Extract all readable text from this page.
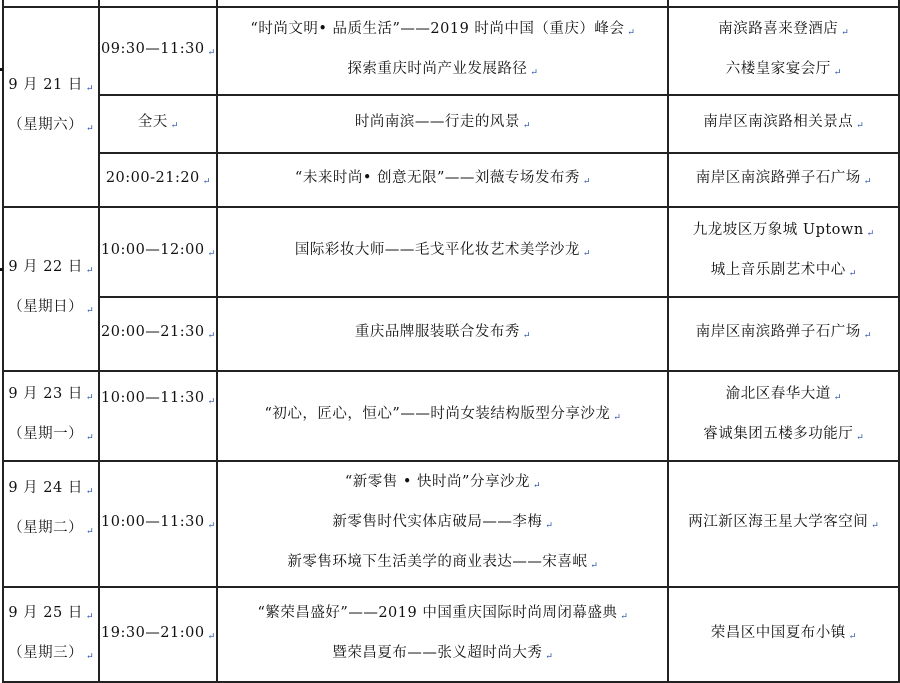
9 月 21 日 ↵
（星期六） ↵	09:30—11:30 ↵	“时尚文明• 品质生活”——2019 时尚中国（重庆）峰会 ↵
探索重庆时尚产业发展路径 ↵	南滨路喜来登酒店 ↵
六楼皇家宴会厅 ↵

	全天 ↵	时尚南滨——行走的风景 ↵	南岸区南滨路相关景点 ↵
	20:00-21:20 ↵	“未来时尚• 创意无限”——刘薇专场发布秀 ↵	南岸区南滨路弹子石广场 ↵

9 月 22 日 ↵
（星期日） ↵	10:00—12:00 ↵	国际彩妆大师——毛戈平化妆艺术美学沙龙 ↵	九龙坡区万象城 Uptown ↵
城上音乐剧艺术中心 ↵

	20:00—21:30 ↵	重庆品牌服装联合发布秀 ↵	南岸区南滨路弹子石广场 ↵

9 月 23 日 ↵
（星期一） ↵	10:00—11:30 ↵	“初心，匠心，恒心”——时尚女装结构版型分享沙龙 ↵	渝北区春华大道 ↵
睿诚集团五楼多功能厅 ↵

9 月 24 日 ↵
（星期二） ↵	10:00—11:30 ↵	“新零售 • 快时尚”分享沙龙 ↵
新零售时代实体店破局——李梅 ↵
新零售环境下生活美学的商业表达——宋喜岷 ↵	两江新区海王星大学客空间 ↵

9 月 25 日 ↵
（星期三） ↵	19:30—21:00 ↵	“繁荣昌盛好”——2019 中国重庆国际时尚周闭幕盛典 ↵
暨荣昌夏布——张义超时尚大秀 ↵	荣昌区中国夏布小镇 ↵
